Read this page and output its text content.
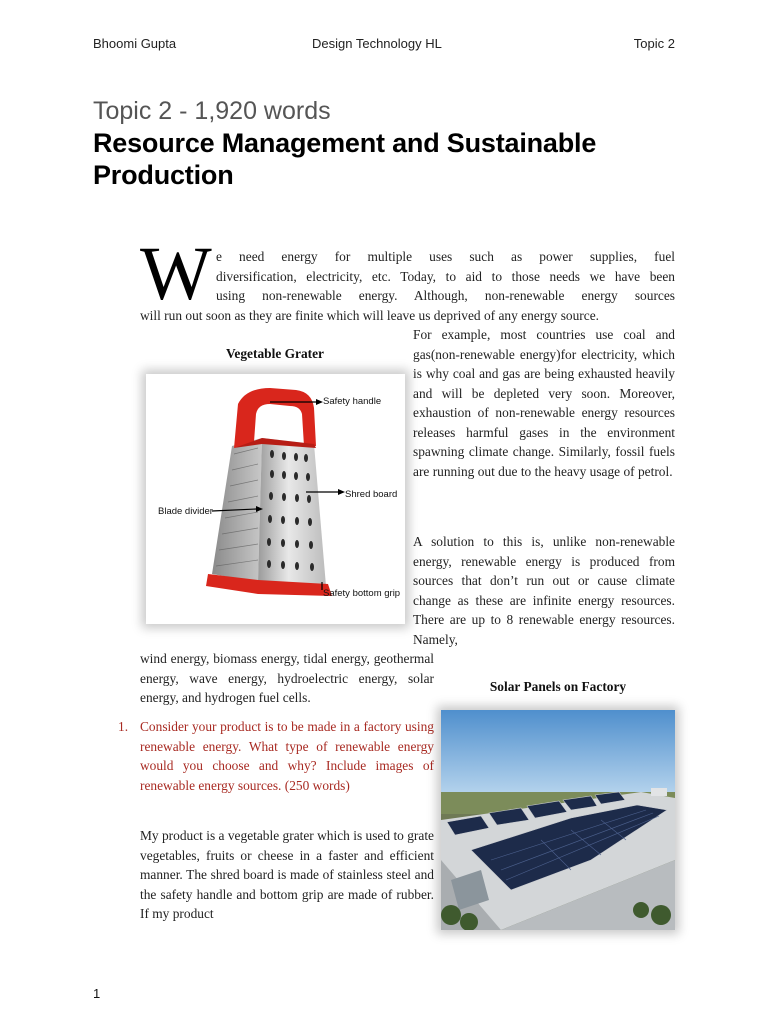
Bhoomi Gupta	Design Technology HL	Topic 2
Topic 2 - 1,920 words
Resource Management and Sustainable Production
W e need energy for multiple uses such as power supplies, fuel
diversification, electricity, etc. Today, to aid to those needs we have been
using non-renewable energy. Although, non-renewable energy sources
will run out soon as they are finite which will leave us deprived of any energy source.

For example, most countries use coal and gas(non-renewable energy)for electricity, which is why coal and gas are being exhausted heavily and will be depleted very soon. Moreover, exhaustion of non-renewable energy resources releases harmful gases in the environment spawning climate change. Similarly, fossil fuels are running out due to the heavy usage of petrol.

A solution to this is, unlike non-renewable energy, renewable energy is produced from sources that don’t run out or cause climate change as these are infinite energy resources. There are up to 8 renewable energy resources. Namely,

wind energy, biomass energy, tidal energy, geothermal energy, wave energy, hydroelectric energy, solar energy, and hydrogen fuel cells.

Vegetable Grater
Safety handle
Shred board
Blade divider
Safety bottom grip
1. Consider your product is to be made in a factory using renewable energy. What type of renewable energy would you choose and why? Include images of renewable energy sources. (250 words)

My product is a vegetable grater which is used to grate vegetables, fruits or cheese in a faster and efficient manner. The shred board is made of stainless steel and the safety handle and bottom grip are made of rubber. If my product

Solar Panels on Factory
1
